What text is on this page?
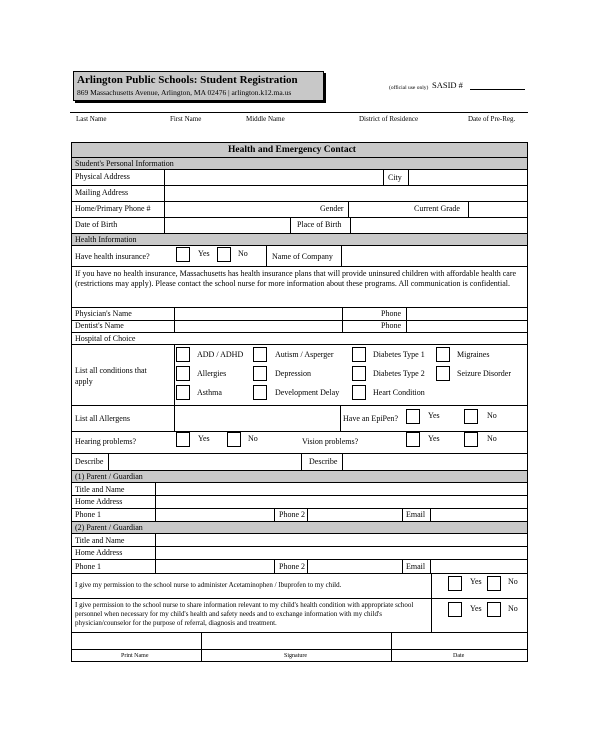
Arlington Public Schools: Student Registration
869 Massachusetts Avenue, Arlington, MA 02476 | arlington.k12.ma.us	(official use only) SASID #
Last Name	First Name	Middle Name	District of Residence	Date of Pre-Reg.
Health and Emergency Contact
Student's Personal Information
Physical Address	City
Mailing Address
Home/Primary Phone #	Gender	Current Grade
Date of Birth	Place of Birth
Health Information
Have health insurance?	Yes	No	Name of Company
If you have no health insurance, Massachusetts has health insurance plans that will provide uninsured children with affordable health care (restrictions may apply). Please contact the school nurse for more information about these programs. All communication is confidential.
Physician's Name	Phone
Dentist's Name	Phone
Hospital of Choice
List all conditions that apply
ADD / ADHD	Autism / Asperger	Diabetes Type 1	Migraines
Allergies	Depression	Diabetes Type 2	Seizure Disorder
Asthma	Development Delay	Heart Condition
List all Allergens	Have an EpiPen?	Yes	No
Hearing problems?	Yes	No	Vision problems?	Yes	No
Describe	Describe
(1) Parent / Guardian
Title and Name
Home Address
Phone 1	Phone 2	Email
(2) Parent / Guardian
Title and Name
Home Address
Phone 1	Phone 2	Email
I give my permission to the school nurse to administer Acetaminophen / Ibuprofen to my child.	Yes	No
I give permission to the school nurse to share information relevant to my child's health condition with appropriate school personnel when necessary for my child's health and safety needs and to exchange information with my child's physician/counselor for the purpose of referral, diagnosis and treatment.
Yes	No
Print Name	Signature	Date
